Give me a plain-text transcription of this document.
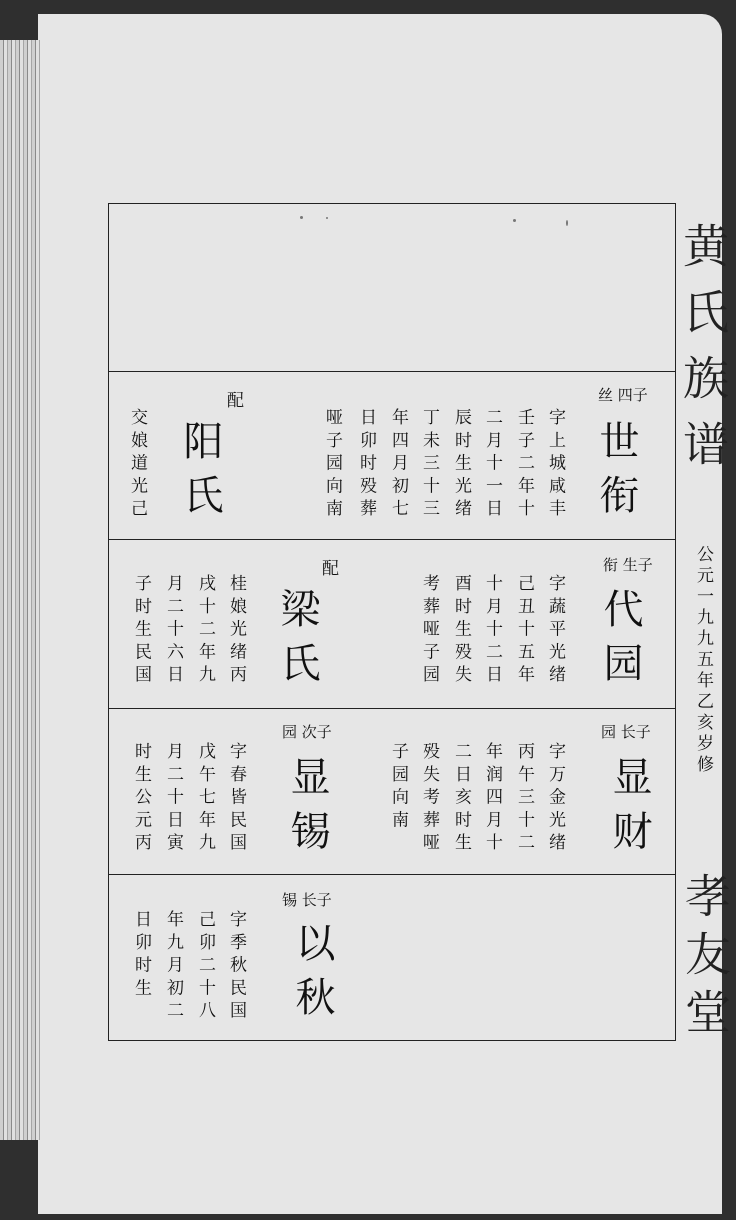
黄氏族谱
公元一九九五年乙亥岁修
孝友堂
丝 四子
世衔
字上城咸丰
壬子二年十
二月十一日
辰时生光绪
丁未三十三
年四月初七
日卯时殁葬
哑子园向南
配
阳氏
交娘道光己
衔 生子
代园
字蔬平光绪
己丑十五年
十月十二日
酉时生殁失
考葬哑子园
配
梁氏
桂娘光绪丙
戌十二年九
月二十六日
子时生民国
园 长子
显财
字万金光绪
丙午三十二
年润四月十
二日亥时生
殁失考葬哑
子园向南
园 次子
显锡
字春皆民国
戊午七年九
月二十日寅
时生公元丙
锡 长子
以秋
字季秋民国
己卯二十八
年九月初二
日卯时生
